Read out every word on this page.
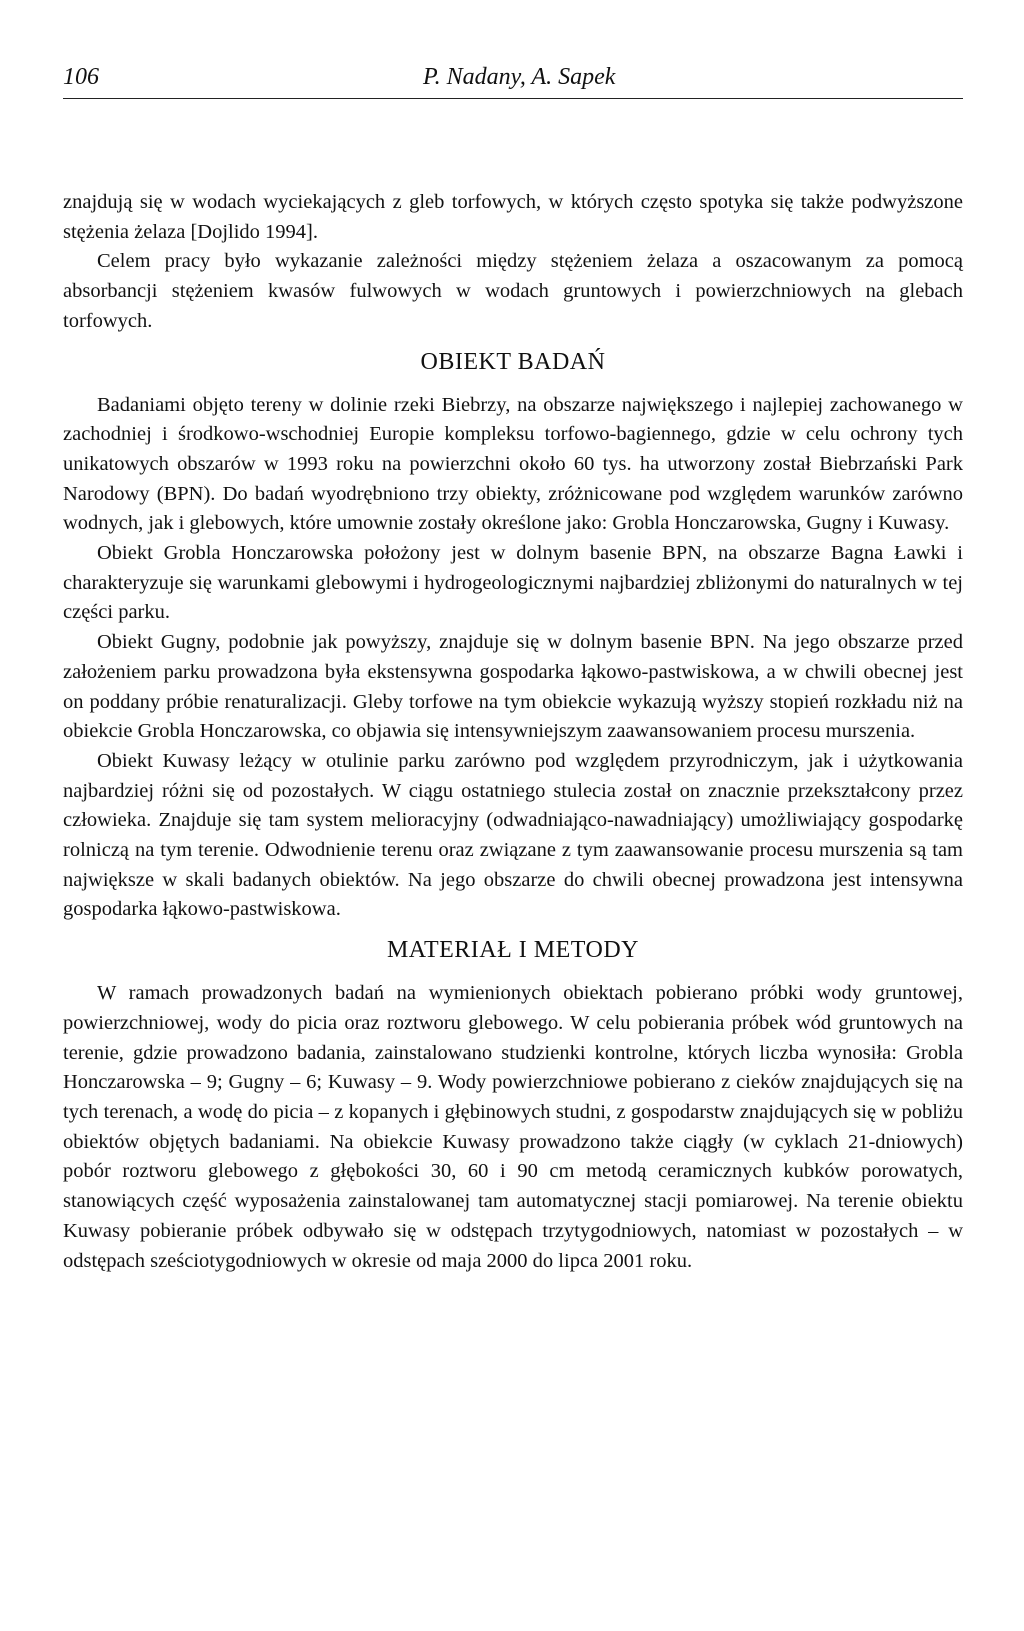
106	P. Nadany, A. Sapek

znajdują się w wodach wyciekających z gleb torfowych, w których często spotyka się także podwyższone stężenia żelaza [Dojlido 1994].

Celem pracy było wykazanie zależności między stężeniem żelaza a oszacowanym za pomocą absorbancji stężeniem kwasów fulwowych w wodach gruntowych i powierzchniowych na glebach torfowych.

OBIEKT BADAŃ

Badaniami objęto tereny w dolinie rzeki Biebrzy, na obszarze największego i najlepiej zachowanego w zachodniej i środkowo-wschodniej Europie kompleksu torfowo-bagiennego, gdzie w celu ochrony tych unikatowych obszarów w 1993 roku na powierzchni około 60 tys. ha utworzony został Biebrzański Park Narodowy (BPN). Do badań wyodrębniono trzy obiekty, zróżnicowane pod względem warunków zarówno wodnych, jak i glebowych, które umownie zostały określone jako: Grobla Honczarowska, Gugny i Kuwasy.

Obiekt Grobla Honczarowska położony jest w dolnym basenie BPN, na obszarze Bagna Ławki i charakteryzuje się warunkami glebowymi i hydrogeologicznymi najbardziej zbliżonymi do naturalnych w tej części parku.

Obiekt Gugny, podobnie jak powyższy, znajduje się w dolnym basenie BPN. Na jego obszarze przed założeniem parku prowadzona była ekstensywna gospodarka łąkowo-pastwiskowa, a w chwili obecnej jest on poddany próbie renaturalizacji. Gleby torfowe na tym obiekcie wykazują wyższy stopień rozkładu niż na obiekcie Grobla Honczarowska, co objawia się intensywniejszym zaawansowaniem procesu murszenia.

Obiekt Kuwasy leżący w otulinie parku zarówno pod względem przyrodniczym, jak i użytkowania najbardziej różni się od pozostałych. W ciągu ostatniego stulecia został on znacznie przekształcony przez człowieka. Znajduje się tam system melioracyjny (odwadniająco-nawadniający) umożliwiający gospodarkę rolniczą na tym terenie. Odwodnienie terenu oraz związane z tym zaawansowanie procesu murszenia są tam największe w skali badanych obiektów. Na jego obszarze do chwili obecnej prowadzona jest intensywna gospodarka łąkowo-pastwiskowa.

MATERIAŁ I METODY

W ramach prowadzonych badań na wymienionych obiektach pobierano próbki wody gruntowej, powierzchniowej, wody do picia oraz roztworu glebowego. W celu pobierania próbek wód gruntowych na terenie, gdzie prowadzono badania, zainstalowano studzienki kontrolne, których liczba wynosiła: Grobla Honczarowska – 9; Gugny – 6; Kuwasy – 9. Wody powierzchniowe pobierano z cieków znajdujących się na tych terenach, a wodę do picia – z kopanych i głębinowych studni, z gospodarstw znajdujących się w pobliżu obiektów objętych badaniami. Na obiekcie Kuwasy prowadzono także ciągły (w cyklach 21-dniowych) pobór roztworu glebowego z głębokości 30, 60 i 90 cm metodą ceramicznych kubków porowatych, stanowiących część wyposażenia zainstalowanej tam automatycznej stacji pomiarowej. Na terenie obiektu Kuwasy pobieranie próbek odbywało się w odstępach trzytygodniowych, natomiast w pozostałych – w odstępach sześciotygodniowych w okresie od maja 2000 do lipca 2001 roku.
